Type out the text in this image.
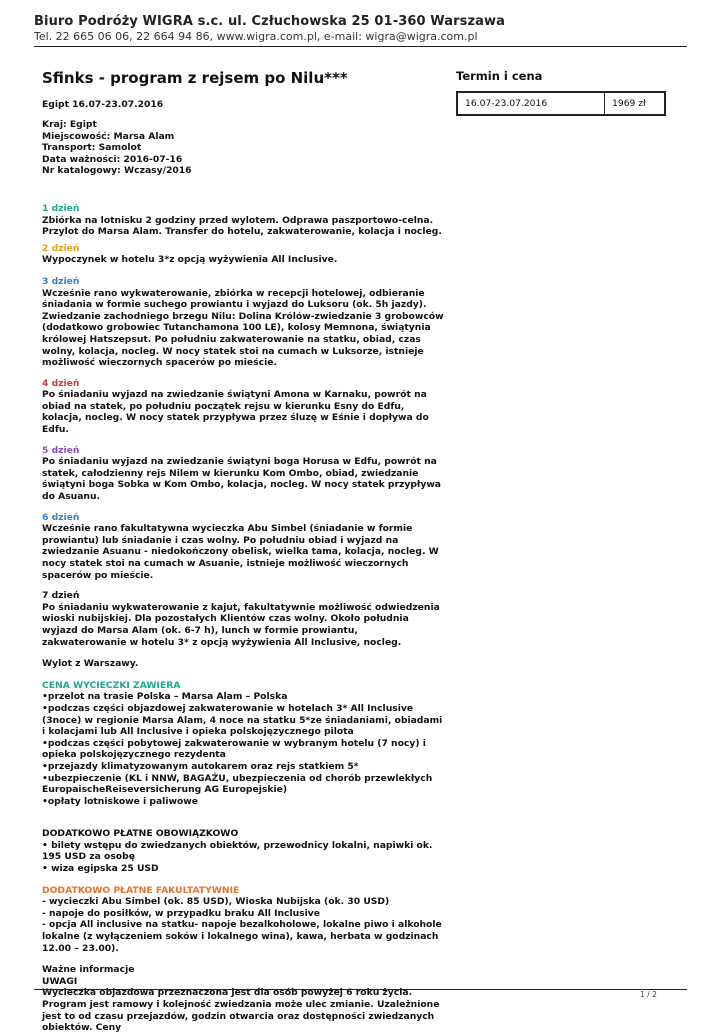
Biuro Podróży WIGRA s.c. ul. Człuchowska 25 01-360 Warszawa
Tel. 22 665 06 06, 22 664 94 86, www.wigra.com.pl, e-mail: wigra@wigra.com.pl
Sfinks - program z rejsem po Nilu***
Egipt 16.07-23.07.2016
Kraj: Egipt
Miejscowość: Marsa Alam
Transport: Samolot
Data ważności: 2016-07-16
Nr katalogowy: Wczasy/2016
1 dzień
Zbiórka na lotnisku 2 godziny przed wylotem. Odprawa paszportowo-celna. Przylot do Marsa Alam. Transfer do hotelu, zakwaterowanie, kolacja i nocleg.
2 dzień
Wypoczynek w hotelu 3*z opcją wyżywienia All Inclusive.
3 dzień
Wcześnie rano wykwaterowanie, zbiórka w recepcji hotelowej, odbieranie śniadania w formie suchego prowiantu i wyjazd do Luksoru (ok. 5h jazdy). Zwiedzanie zachodniego brzegu Nilu: Dolina Królów-zwiedzanie 3 grobowców (dodatkowo grobowiec Tutanchamona 100 LE), kolosy Memnona, świątynia królowej Hatszepsut. Po południu zakwaterowanie na statku, obiad, czas wolny, kolacja, nocleg. W nocy statek stoi na cumach w Luksorze, istnieje możliwość wieczornych spacerów po mieście.
4 dzień
Po śniadaniu wyjazd na zwiedzanie świątyni Amona w Karnaku, powrót na obiad na statek, po południu początek rejsu w kierunku Esny do Edfu, kolacja, nocleg. W nocy statek przypływa przez śluzę w Eśnie i dopływa do Edfu.
5 dzień
Po śniadaniu wyjazd na zwiedzanie świątyni boga Horusa w Edfu, powrót na statek, całodzienny rejs Nilem w kierunku Kom Ombo, obiad, zwiedzanie świątyni boga Sobka w Kom Ombo, kolacja, nocleg. W nocy statek przypływa do Asuanu.
6 dzień
Wcześnie rano fakultatywna wycieczka Abu Simbel (śniadanie w formie prowiantu) lub śniadanie i czas wolny. Po południu obiad i wyjazd na zwiedzanie Asuanu - niedokończony obelisk, wielka tama, kolacja, nocleg. W nocy statek stoi na cumach w Asuanie, istnieje możliwość wieczornych spacerów po mieście.
7 dzień
Po śniadaniu wykwaterowanie z kajut, fakultatywnie możliwość odwiedzenia wioski nubijskiej. Dla pozostałych Klientów czas wolny. Około południa wyjazd do Marsa Alam (ok. 6-7 h), lunch w formie prowiantu, zakwaterowanie w hotelu 3* z opcją wyżywienia All Inclusive, nocleg.
Wylot z Warszawy.
CENA WYCIECZKI ZAWIERA
•przelot na trasie Polska – Marsa Alam – Polska
•podczas części objazdowej zakwaterowanie w hotelach 3* All Inclusive (3noce) w regionie Marsa Alam, 4 noce na statku 5*ze śniadaniami, obiadami i kolacjami lub All Inclusive i opieka polskojęzycznego pilota
•podczas części pobytowej zakwaterowanie w wybranym hotelu (7 nocy) i opieka polskojęzycznego rezydenta
•przejazdy klimatyzowanym autokarem oraz rejs statkiem 5*
•ubezpieczenie (KL i NNW, BAGAŻU, ubezpieczenia od chorób przewlekłych EuropaischeReiseversicherung AG Europejskie)
•opłaty lotniskowe i paliwowe
DODATKOWO PŁATNE OBOWIĄZKOWO
• bilety wstępu do zwiedzanych obiektów, przewodnicy lokalni, napiwki ok. 195 USD za osobę
• wiza egipska 25 USD
DODATKOWO PŁATNE FAKULTATYWNIE
- wycieczki Abu Simbel (ok. 85 USD), Wioska Nubijska (ok. 30 USD)
- napoje do posiłków, w przypadku braku All Inclusive
- opcja All inclusive na statku- napoje bezalkoholowe, lokalne piwo i alkohole lokalne (z wyłączeniem soków i lokalnego wina), kawa, herbata w godzinach 12.00 – 23.00).
Ważne informacje
UWAGI
Wycieczka objazdowa przeznaczona jest dla osób powyżej 6 roku życia. Program jest ramowy i kolejność zwiedzania może ulec zmianie. Uzależnione jest to od czasu przejazdów, godzin otwarcia oraz dostępności zwiedzanych obiektów. Ceny
Termin i cena
16.07-23.07.2016	1969 zł
1 / 2
